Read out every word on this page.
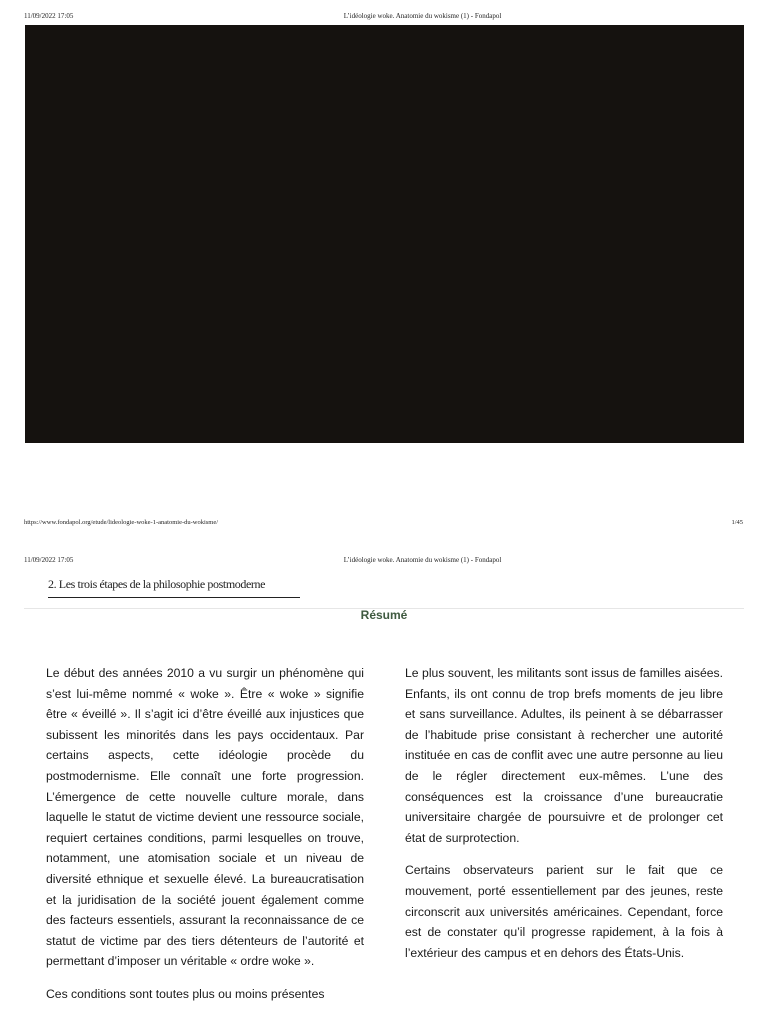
11/09/2022 17:05	L’idéologie woke. Anatomie du wokisme (1) - Fondapol
https://www.fondapol.org/etude/lideologie-woke-1-anatomie-du-wokisme/	1/45
11/09/2022 17:05	L’idéologie woke. Anatomie du wokisme (1) - Fondapol
2. Les trois étapes de la philosophie postmoderne
Résumé

Le début des années 2010 a vu surgir un phénomène qui s’est lui-même nommé « woke ». Être « woke » signifie être « éveillé ». Il s’agit ici d’être éveillé aux injustices que subissent les minorités dans les pays occidentaux. Par certains aspects, cette idéologie procède du postmodernisme. Elle connaît une forte progression. L’émergence de cette nouvelle culture morale, dans laquelle le statut de victime devient une ressource sociale, requiert certaines conditions, parmi lesquelles on trouve, notamment, une atomisation sociale et un niveau de diversité ethnique et sexuelle élevé. La bureaucratisation et la juridisation de la société jouent également comme des facteurs essentiels, assurant la reconnaissance de ce statut de victime par des tiers détenteurs de l’autorité et permettant d’imposer un véritable « ordre woke ».

Ces conditions sont toutes plus ou moins présentes

Le plus souvent, les militants sont issus de familles aisées. Enfants, ils ont connu de trop brefs moments de jeu libre et sans surveillance. Adultes, ils peinent à se débarrasser de l’habitude prise consistant à rechercher une autorité instituée en cas de conflit avec une autre personne au lieu de le régler directement eux-mêmes. L’une des conséquences est la croissance d’une bureaucratie universitaire chargée de poursuivre et de prolonger cet état de surprotection.

Certains observateurs parient sur le fait que ce mouvement, porté essentiellement par des jeunes, reste circonscrit aux universités américaines. Cependant, force est de constater qu’il progresse rapidement, à la fois à l’extérieur des campus et en dehors des États-Unis.
